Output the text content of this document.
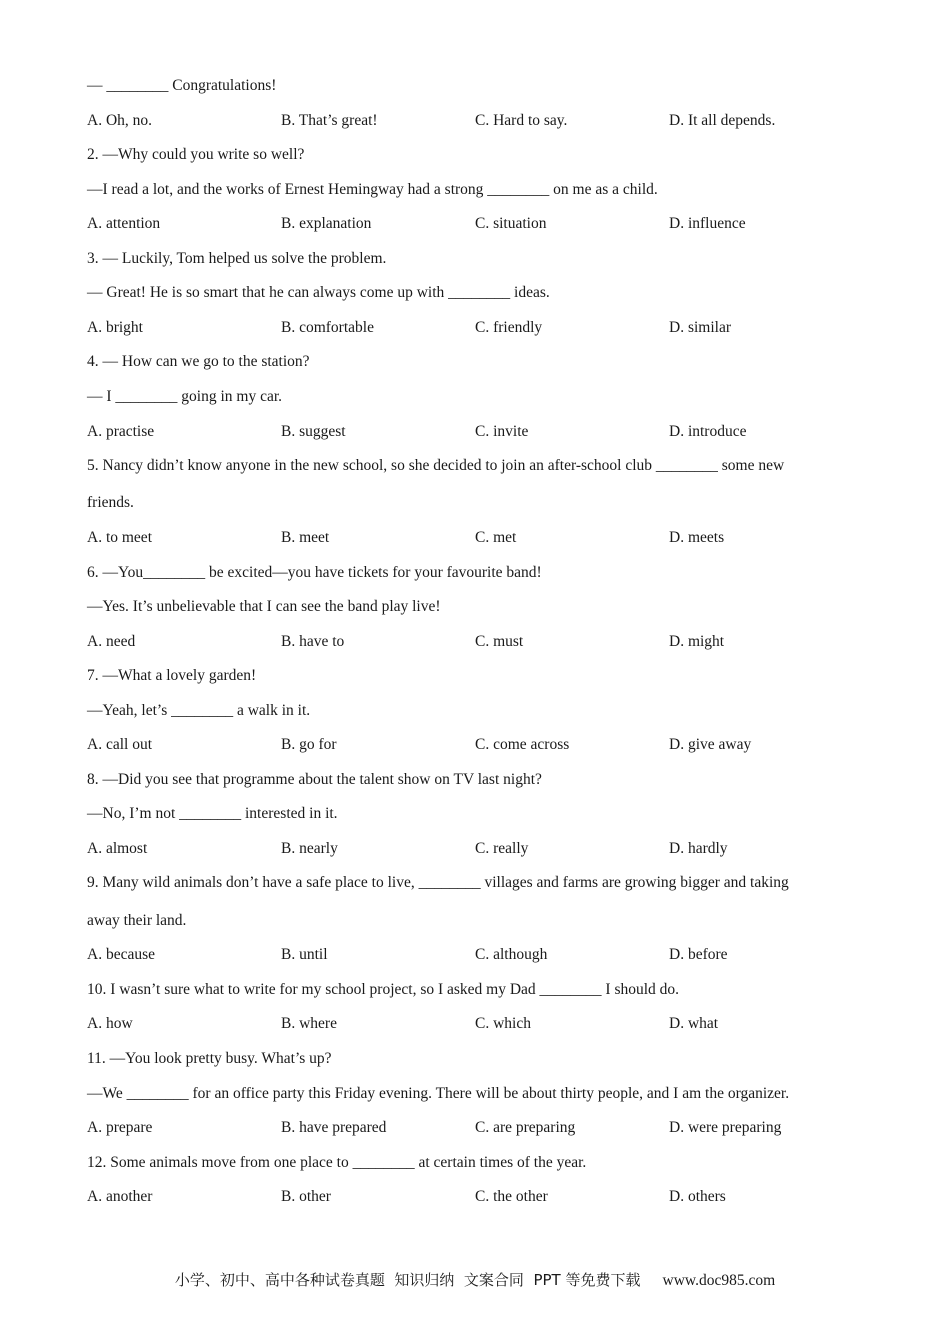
— ________ Congratulations!
A. Oh, no.	B. That’s great!	C. Hard to say.	D. It all depends.
2. —Why could you write so well?
—I read a lot, and the works of Ernest Hemingway had a strong ________ on me as a child.
A. attention	B. explanation	C. situation	D. influence
3. — Luckily, Tom helped us solve the problem.
— Great! He is so smart that he can always come up with ________ ideas.
A. bright	B. comfortable	C. friendly	D. similar
4. — How can we go to the station?
— I ________ going in my car.
A. practise	B. suggest	C. invite	D. introduce
5. Nancy didn’t know anyone in the new school, so she decided to join an after-school club ________ some new
friends.
A. to meet	B. meet	C. met	D. meets
6. —You________ be excited—you have tickets for your favourite band!
—Yes. It’s unbelievable that I can see the band play live!
A. need	B. have to	C. must	D. might
7. —What a lovely garden!
—Yeah, let’s ________ a walk in it.
A. call out	B. go for	C. come across	D. give away
8. —Did you see that programme about the talent show on TV last night?
—No, I’m not ________ interested in it.
A. almost	B. nearly	C. really	D. hardly
9. Many wild animals don’t have a safe place to live, ________ villages and farms are growing bigger and taking
away their land.
A. because	B. until	C. although	D. before
10. I wasn’t sure what to write for my school project, so I asked my Dad ________ I should do.
A. how	B. where	C. which	D. what
11. —You look pretty busy. What’s up?
—We ________ for an office party this Friday evening. There will be about thirty people, and I am the organizer.
A. prepare	B. have prepared	C. are preparing	D. were preparing
12. Some animals move from one place to ________ at certain times of the year.
A. another	B. other	C. the other	D. others
小学、初中、高中各种试卷真题  知识归纳  文案合同  PPT 等免费下载 www.doc985.com
